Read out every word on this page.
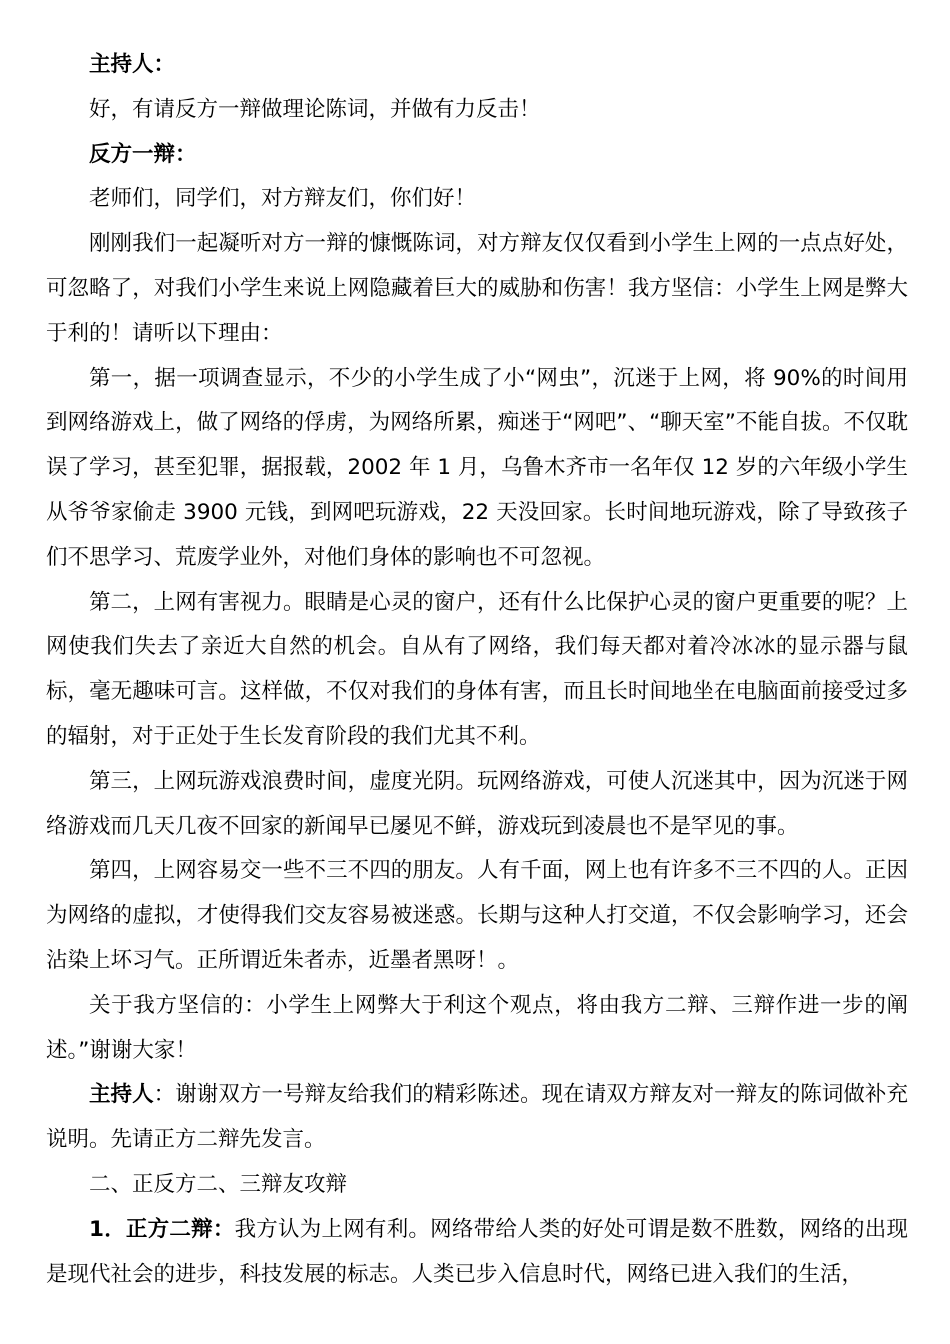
主持人：

好，有请反方一辩做理论陈词，并做有力反击！

反方一辩：

老师们，同学们，对方辩友们，你们好！

刚刚我们一起凝听对方一辩的慷慨陈词，对方辩友仅仅看到小学生上网的一点点好处，可忽略了，对我们小学生来说上网隐藏着巨大的威胁和伤害！我方坚信：小学生上网是弊大于利的！请听以下理由：

第一，据一项调查显示，不少的小学生成了小“网虫”，沉迷于上网，将 90%的时间用到网络游戏上，做了网络的俘虏，为网络所累，痴迷于“网吧”、“聊天室”不能自拔。不仅耽误了学习，甚至犯罪，据报载，2002 年 1 月，乌鲁木齐市一名年仅 12 岁的六年级小学生从爷爷家偷走 3900 元钱，到网吧玩游戏，22 天没回家。长时间地玩游戏，除了导致孩子们不思学习、荒废学业外，对他们身体的影响也不可忽视。

第二，上网有害视力。眼睛是心灵的窗户，还有什么比保护心灵的窗户更重要的呢？上网使我们失去了亲近大自然的机会。自从有了网络，我们每天都对着冷冰冰的显示器与鼠标，毫无趣味可言。这样做，不仅对我们的身体有害，而且长时间地坐在电脑面前接受过多的辐射，对于正处于生长发育阶段的我们尤其不利。

第三，上网玩游戏浪费时间，虚度光阴。玩网络游戏，可使人沉迷其中，因为沉迷于网络游戏而几天几夜不回家的新闻早已屡见不鲜，游戏玩到凌晨也不是罕见的事。

第四，上网容易交一些不三不四的朋友。人有千面，网上也有许多不三不四的人。正因为网络的虚拟，才使得我们交友容易被迷惑。长期与这种人打交道，不仅会影响学习，还会沾染上坏习气。正所谓近朱者赤，近墨者黑呀！。

关于我方坚信的：小学生上网弊大于利这个观点，将由我方二辩、三辩作进一步的阐述。”谢谢大家！

主持人：谢谢双方一号辩友给我们的精彩陈述。现在请双方辩友对一辩友的陈词做补充说明。先请正方二辩先发言。

二、正反方二、三辩友攻辩

1．正方二辩：我方认为上网有利。网络带给人类的好处可谓是数不胜数，网络的出现是现代社会的进步，科技发展的标志。人类已步入信息时代，网络已进入我们的生活，
